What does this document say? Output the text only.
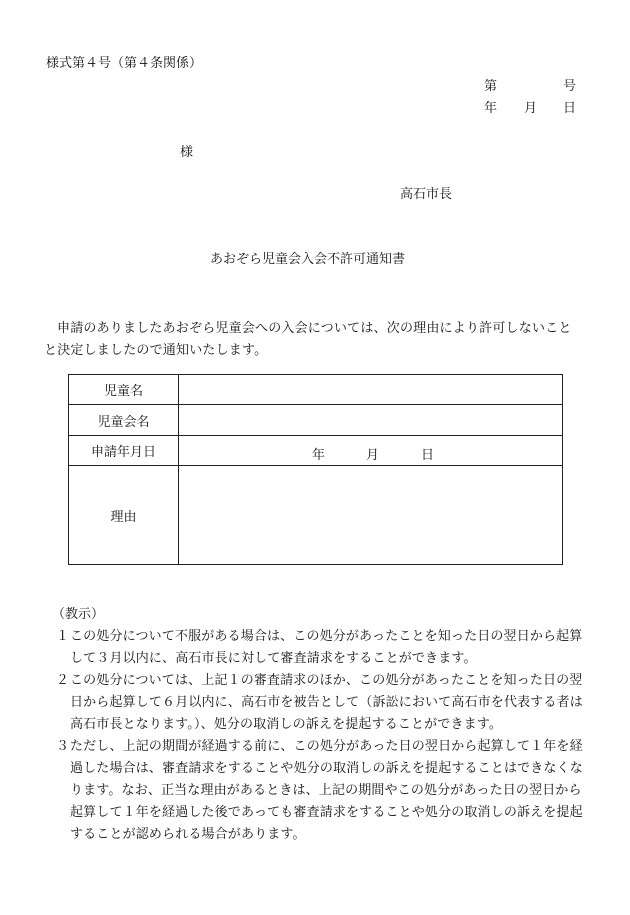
様式第４号（第４条関係）
第	号
年 月 日
様
高石市長
あおぞら児童会入会不許可通知書
申請のありましたあおぞら児童会への入会については、次の理由により許可しないことと決定しましたので通知いたします。
児童名	
児童会名	
申請年月日	年 月 日

理由	
（教示）
１ この処分について不服がある場合は、この処分があったことを知った日の翌日から起算して３月以内に、高石市長に対して審査請求をすることができます。
２ この処分については、上記１の審査請求のほか、この処分があったことを知った日の翌日から起算して６月以内に、高石市を被告として（訴訟において高石市を代表する者は高石市長となります。）、処分の取消しの訴えを提起することができます。
３ ただし、上記の期間が経過する前に、この処分があった日の翌日から起算して１年を経過した場合は、審査請求をすることや処分の取消しの訴えを提起することはできなくなります。なお、正当な理由があるときは、上記の期間やこの処分があった日の翌日から起算して１年を経過した後であっても審査請求をすることや処分の取消しの訴えを提起することが認められる場合があります。
